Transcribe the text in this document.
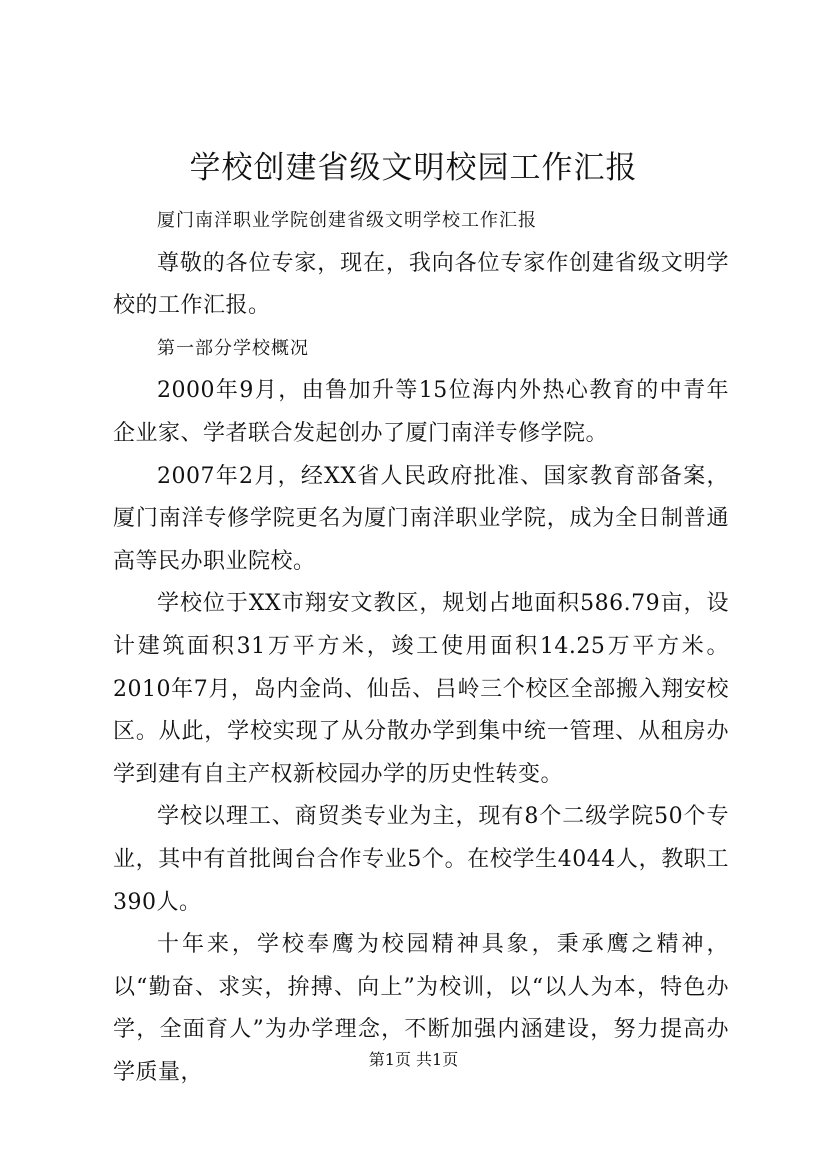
学校创建省级文明校园工作汇报

厦门南洋职业学院创建省级文明学校工作汇报

尊敬的各位专家，现在，我向各位专家作创建省级文明学校的工作汇报。

第一部分学校概况

2000年9月，由鲁加升等15位海内外热心教育的中青年企业家、学者联合发起创办了厦门南洋专修学院。

2007年2月，经XX省人民政府批准、国家教育部备案，厦门南洋专修学院更名为厦门南洋职业学院，成为全日制普通高等民办职业院校。

学校位于XX市翔安文教区，规划占地面积586.79亩，设计建筑面积31万平方米，竣工使用面积14.25万平方米。2010年7月，岛内金尚、仙岳、吕岭三个校区全部搬入翔安校区。从此，学校实现了从分散办学到集中统一管理、从租房办学到建有自主产权新校园办学的历史性转变。

学校以理工、商贸类专业为主，现有8个二级学院50个专业，其中有首批闽台合作专业5个。在校学生4044人，教职工390人。

十年来，学校奉鹰为校园精神具象，秉承鹰之精神，以“勤奋、求实，拚搏、向上”为校训，以“以人为本，特色办学，全面育人”为办学理念，不断加强内涵建设，努力提高办学质量，

第1页 共1页
